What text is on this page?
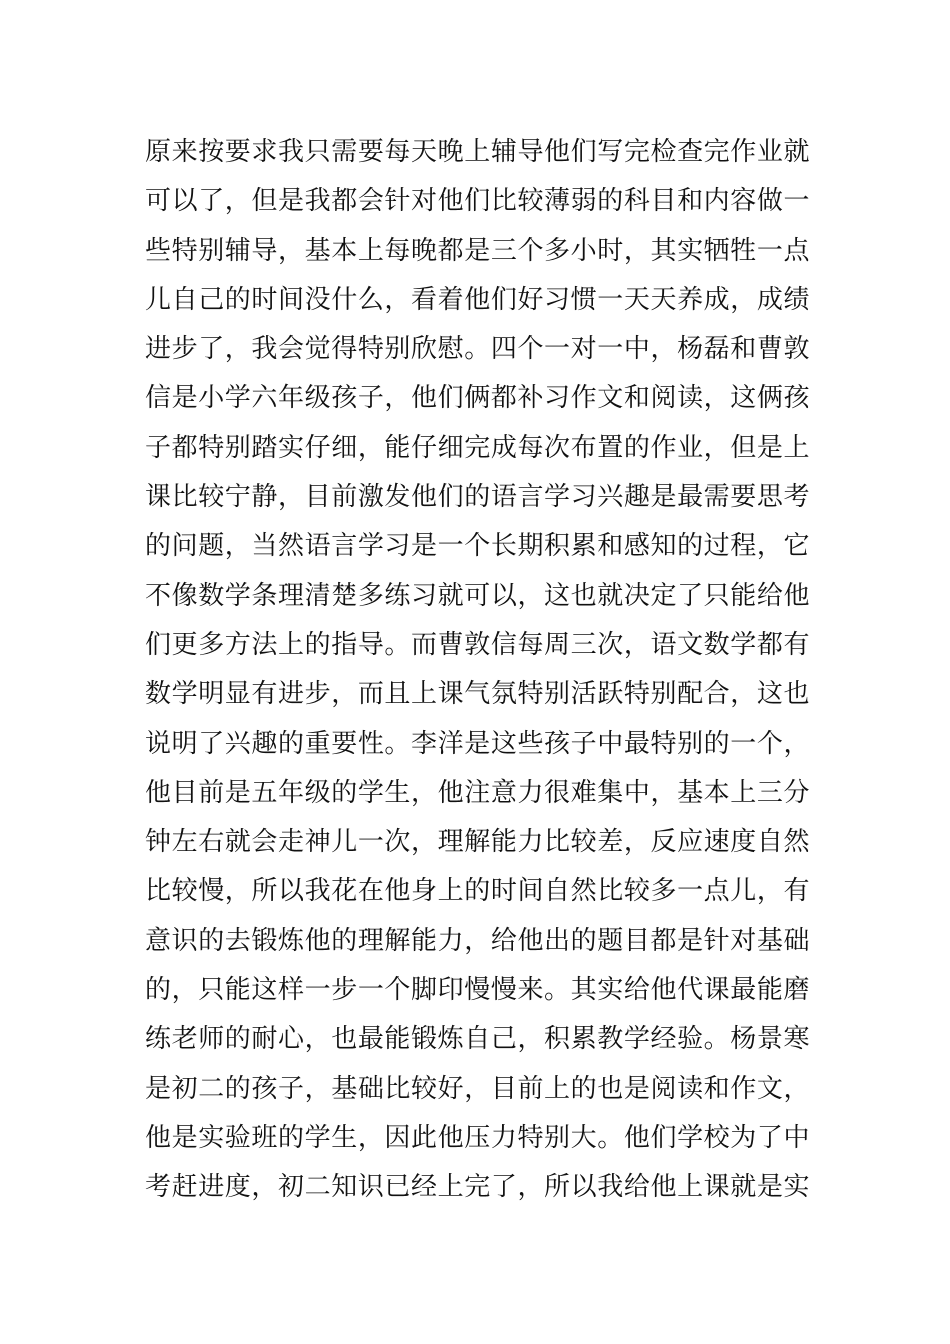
原来按要求我只需要每天晚上辅导他们写完检查完作业就
可以了，但是我都会针对他们比较薄弱的科目和内容做一
些特别辅导，基本上每晚都是三个多小时，其实牺牲一点
儿自己的时间没什么，看着他们好习惯一天天养成，成绩
进步了，我会觉得特别欣慰。四个一对一中，杨磊和曹敦
信是小学六年级孩子，他们俩都补习作文和阅读，这俩孩
子都特别踏实仔细，能仔细完成每次布置的作业，但是上
课比较宁静，目前激发他们的语言学习兴趣是最需要思考
的问题，当然语言学习是一个长期积累和感知的过程，它
不像数学条理清楚多练习就可以，这也就决定了只能给他
们更多方法上的指导。而曹敦信每周三次，语文数学都有
数学明显有进步，而且上课气氛特别活跃特别配合，这也
说明了兴趣的重要性。李洋是这些孩子中最特别的一个，
他目前是五年级的学生，他注意力很难集中，基本上三分
钟左右就会走神儿一次，理解能力比较差，反应速度自然
比较慢，所以我花在他身上的时间自然比较多一点儿，有
意识的去锻炼他的理解能力，给他出的题目都是针对基础
的，只能这样一步一个脚印慢慢来。其实给他代课最能磨
练老师的耐心，也最能锻炼自己，积累教学经验。杨景寒
是初二的孩子，基础比较好，目前上的也是阅读和作文，
他是实验班的学生，因此他压力特别大。他们学校为了中
考赶进度，初二知识已经上完了，所以我给他上课就是实
